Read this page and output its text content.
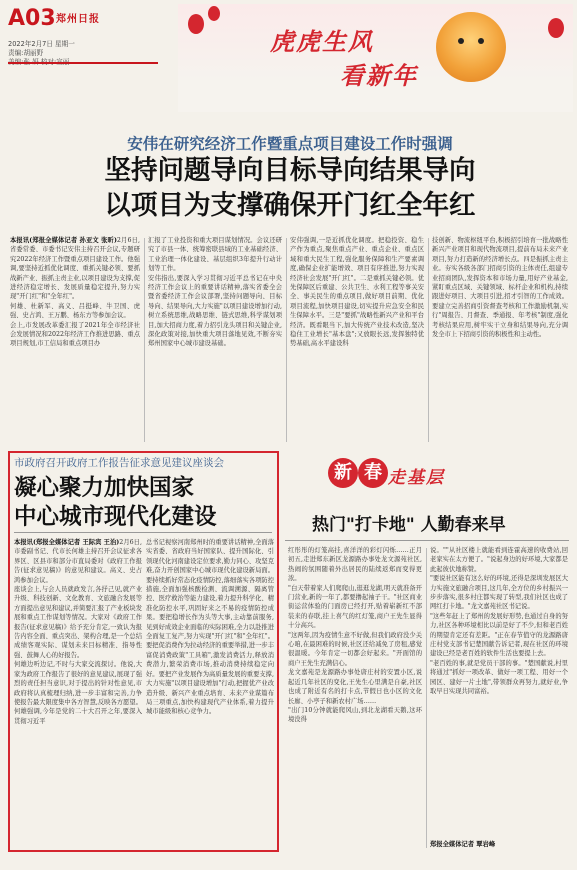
A03 郑州日报
2022年2月7日 星期一
责编:胡丽野	虎虎生风
看新年
安伟在研究经济工作暨重点项目建设工作时强调
坚持问题导向目标导向结果导向
以项目为支撑确保开门红全年红
本报讯(郑报全媒体记者 孙亚文 张昕)2月6日,省委常委、市委书记安伟主持召开会议,专题研究2022年经济工作暨重点项目建设工作。他强调,要坚持近抓优化调度、重抓关键必领、要抓战新产业、振抓主责主业,以项目建设为支撑,促进经济稳定增长、发展质量稳定提升,努力实现"开门红"和"全年红"。
何雄、杜新军、高义、吕挺峰、牛卫国、虎强、史占鸿、王万鹏、杨东方等参加会议。
会上,市发展改革委汇报了2021年全市经济社会发展情况和2022年经济工作推进思路、重点项目规划,市工信局和重点项目办
汇报了工业投资和重大项目谋划情况。会议还研究了市县一体、统筹密联县域的工业基础经济、工业治理一体化建设、基层组织3年提升行动计划等工作。
安伟指出,要深入学习贯彻习近平总书记在中央经济工作会议上的重要讲话精神,落实省委全会暨省委经济工作会议部署,坚持问题导向、目标导向、结果导向,大力实施"以项目建设增加行动,树立系统思维,战略思维、链式思维,科学谋划项目,加大招商力度,着力招引龙头项目和关键企业,深化政策对接,加快重大项目落地见效,不断夯实郑州国家中心城市建设基础。
安伟强调,一是近抓优化调度。把稳投资、稳生产作为重点,聚焦重点产业、重点企业、重点区域和重大民生工程,强化服务保障和生产要素调度,确保企业扩能增效、项目有序推进,努力实现经济社会发展"开门红"。二是重抓关键必领。优先保障区后重建、公共卫生、水利工程等事关安全、事关民生的重点项目,做好项目前期、优化项目流程,加快项目建设,切实提升应急安全和民生保障水平。三是"要抓"战略性新兴产业和平台经济。既看眼当下,加大传统产业技术改造,坚决稳住工业增长"基本盘";又放眼长远,发挥独特优势基础,高水平建设科
技创新、物流枢纽平台,积极招引培育一批战略性新兴产业项目和现代物流项目,提前布局未来产业项目,努力打造新的经济增长点。四是振抓主责主业。夯实各级各部门招商引资的主体责任,组建专业招商团队,发挥资本和市场力量,用好产业基金,紧盯重点区域、关键领域、标杆企业和机构,持续跟进好项目、大项目引进,招才引智的工作成效。要建立完善招商引资督查考核和工作激励机制,实行"周报告、月督查、季通报、年考核"制度,强化考核结果应用,树牢实干立身和结果导向,充分调发全市上下招商引资的积极性和主动性。
市政府召开政府工作报告征求意见建议座谈会
凝心聚力加快国家
中心城市现代化建设
本报讯(郑报全媒体记者 王际宾 王治)2月6日,市委副书记、代市长何雄主持召开会议征求各界区、区县市和部分市直局委对《政府工作报告(征求意见稿)》的意见和建议。高义、史占鸿参加会议。
座谈会上,与会人员就政发言,各抒己见,就产业升级、科技创新、文化教育、文旅融合发展等方面提出意见和建议,并简要汇报了产业板块发展和重点工作谋划等情况。大家对《政府工作报告(征求意见稿)》给予充分肯定,一致认为报告内容全面、重点突出、架构合理,是一个总结成绩客观实际、谋划未来目标精准、指导性强、鼓舞人心的好报告。
何雄边听边记,不时与大家交流探讨。他说,大家为政府工作报告了很好的意见建议,展现了强烈的责任担当意识,对于提出的针对性意见,市政府将认真梳理归纳,进一步丰富和完善,力争使报告最大限度集中各方智慧,反映各方愿望。
何雄强调,今年是党的二十大召开之年,要深入贯彻习近平
总书记视察河南郑州时的重要讲话精神,全面落实省委、省政府当好国家队、提升国际化、引领现代化河南建设定位要求,勤力同心、攻坚克难,奋力开创国家中心城市现代化建设新局面。要持续抓好常态化疫情防控,落细落实各项防控措施,全面加强核酸检测、流调溯源、隔离管控、医疗救治等能力建设,着力提升科学化、精准化防控水平,巩固好来之不易的疫情防控成果。要把稳增长作为头等大事,主动靠前服务,见到好成效企业面临的实际困难,全力以赴推进全面复工复产,努力实现"开门红"和"全年红"。要把促消费作为拉动经济的重要举措,进一步丰富促消费政策"工具箱",激发消费活力,释放消费潜力,繁荣消费市场,推动消费持续稳定向好。要把产业发展作为高质量发展的重要支撑,大力实施"以项目建设增加"行动,把握优产业改造升级、新兴产业重点培育、未来产业谋篇布局三项重点,加快构建现代产业体系,着力提升城市能级和核心竞争力。
新 春 走基层
热门"打卡地" 人勤春来早
红彤彤的灯笼高挂,喜洋洋的彩灯闪烁……正月初五,走进郑东新区龙源路办事处龙文源苑社区,热闹的氛围随着外出居民的陆续返郑而变得更浓。
"白天带着家人们爬爬山,逛逛龙湖,明天就准备开门营业,新的一年了,都要撸起袖子干。"社区商业街运营体验的门面房已经打开,贴着崭新红不部装来的春联,挂上喜气的红灯笼,商户王先生显得十分高兴。
"这两年,因为疫情生意不好做,但我们政府没少关心咱,在最困难的时候,社区还给减免了房租,感觉很温暖。今年肯定一切都会好起来。"开面馆的商户王先生充满信心。
龙文嘉苑是龙源路办事处唐庄村的安置小区,说起近几年社区的变化,王先生心里满是自豪,社区也成了附近有名的打卡点,节假日也小区的文化长廊、小亭子和新农村广场……
"出门10分钟就能爬风山,到北龙湖看天鹅,这环境没得
说。""从社区楼上就能看到连霍高速的收费站,回老家实在太方便了。"说起身边的好环境,大家都是此起彼伏地称赞。
"要说社区能有这么好的环境,还得是深圳发展区大力实施文旅融合项目,这几年,全方位的乡村振兴一步步落实,很多村庄都实现了转型,我们社区也成了网红打卡地。"龙文嘉苑社区书记说。
"这些年赶上了郑州的发展好形势,也通过自身的努力,社区各种环境相比以前是好了不少,但和老百姓的期望肯定还有差距。"正在春节值守的龙源路唐庄村党支部书记楚国献告诉记者,现在社区的环境建设已经是老百姓的软件生活也要提上去。
"老百姓的事,就是党员干部的事。"楚国献说,村里将通过"抓好一项改革、做好一项工程、用好一个园区、建好一片土地",带领群众再努力,就好业,争取早日实现共同富裕。
郑报全媒体记者 覃岩峰
